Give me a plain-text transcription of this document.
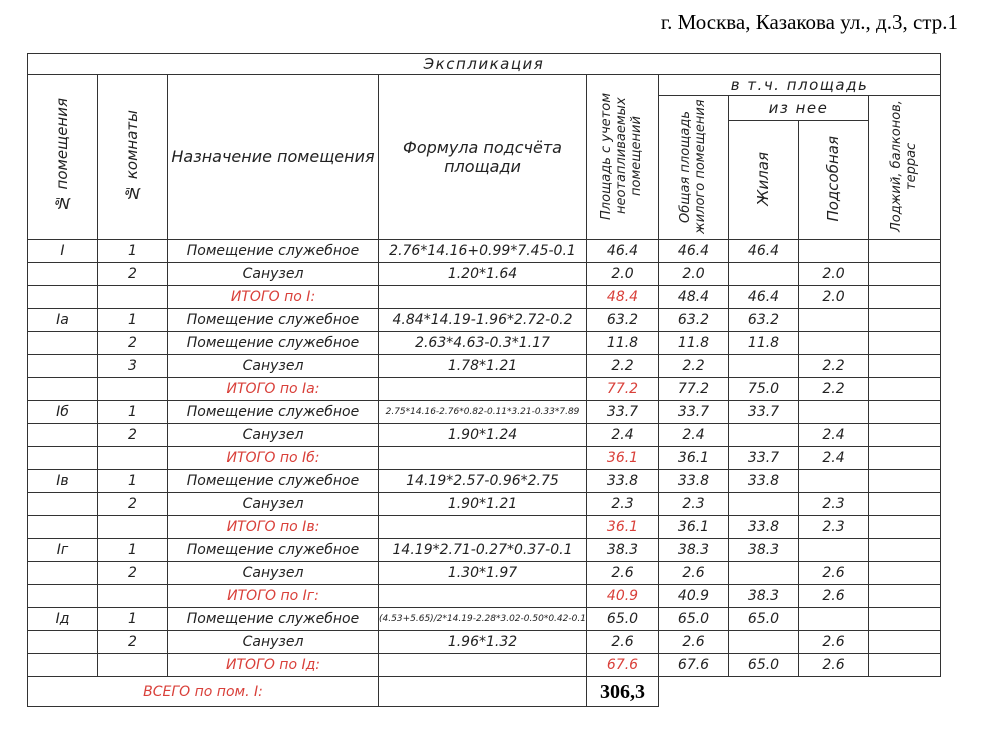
г. Москва, Казакова ул., д.3, стр.1
Экспликация								
№ помещения	№ комнаты	Назначение помещения	Формула подсчёта площади	Площадь с учетом неотапливаемых помещений	в т.ч. площадь			
					Общая площадь жилого помещения	из нее		Лоджий, балконов, террас
						Жилая	Подсобная	
I	1	Помещение служебное	2.76*14.16+0.99*7.45-0.1	46.4	46.4	46.4		
	2	Санузел	1.20*1.64	2.0	2.0		2.0	
		ИТОГО по I:		48.4	48.4	46.4	2.0	
Iа	1	Помещение служебное	4.84*14.19-1.96*2.72-0.2	63.2	63.2	63.2		
	2	Помещение служебное	2.63*4.63-0.3*1.17	11.8	11.8	11.8		
	3	Санузел	1.78*1.21	2.2	2.2		2.2	
		ИТОГО по Iа:		77.2	77.2	75.0	2.2	
Iб	1	Помещение служебное	2.75*14.16-2.76*0.82-0.11*3.21-0.33*7.89	33.7	33.7	33.7		
	2	Санузел	1.90*1.24	2.4	2.4		2.4	
		ИТОГО по Iб:		36.1	36.1	33.7	2.4	
Iв	1	Помещение служебное	14.19*2.57-0.96*2.75	33.8	33.8	33.8		
	2	Санузел	1.90*1.21	2.3	2.3		2.3	
		ИТОГО по Iв:		36.1	36.1	33.8	2.3	
Iг	1	Помещение служебное	14.19*2.71-0.27*0.37-0.1	38.3	38.3	38.3		
	2	Санузел	1.30*1.97	2.6	2.6		2.6	
		ИТОГО по Iг:		40.9	40.9	38.3	2.6	
Iд	1	Помещение служебное	(4.53+5.65)/2*14.19-2.28*3.02-0.50*0.42-0.1	65.0	65.0	65.0		
	2	Санузел	1.96*1.32	2.6	2.6		2.6	
		ИТОГО по Iд:		67.6	67.6	65.0	2.6	
ВСЕГО по пом. I:				306,3				
